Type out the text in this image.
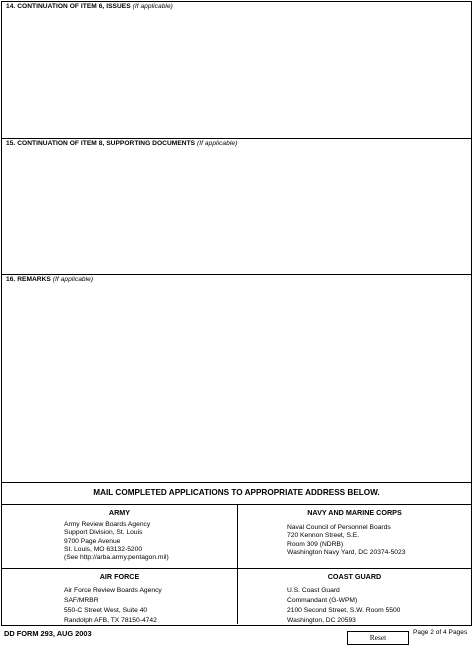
14. CONTINUATION OF ITEM 6, ISSUES (If applicable)
15. CONTINUATION OF ITEM 8, SUPPORTING DOCUMENTS (If applicable)
16. REMARKS (If applicable)
MAIL COMPLETED APPLICATIONS TO APPROPRIATE ADDRESS BELOW.
ARMY
Army Review Boards Agency
Support Division, St. Louis
9700 Page Avenue
St. Louis, MO 63132-5200
(See http://arba.army.pentagon.mil)
NAVY AND MARINE CORPS
Naval Council of Personnel Boards
720 Kennon Street, S.E.
Room 309 (NDRB)
Washington Navy Yard, DC 20374-5023
AIR FORCE
Air Force Review Boards Agency
SAF/MRBR
550-C Street West, Suite 40
Randolph AFB, TX 78150-4742
COAST GUARD
U.S. Coast Guard
Commandant (G-WPM)
2100 Second Street, S.W. Room 5500
Washington, DC 20593
DD FORM 293, AUG 2003	Reset
Page 2 of 4 Pages
